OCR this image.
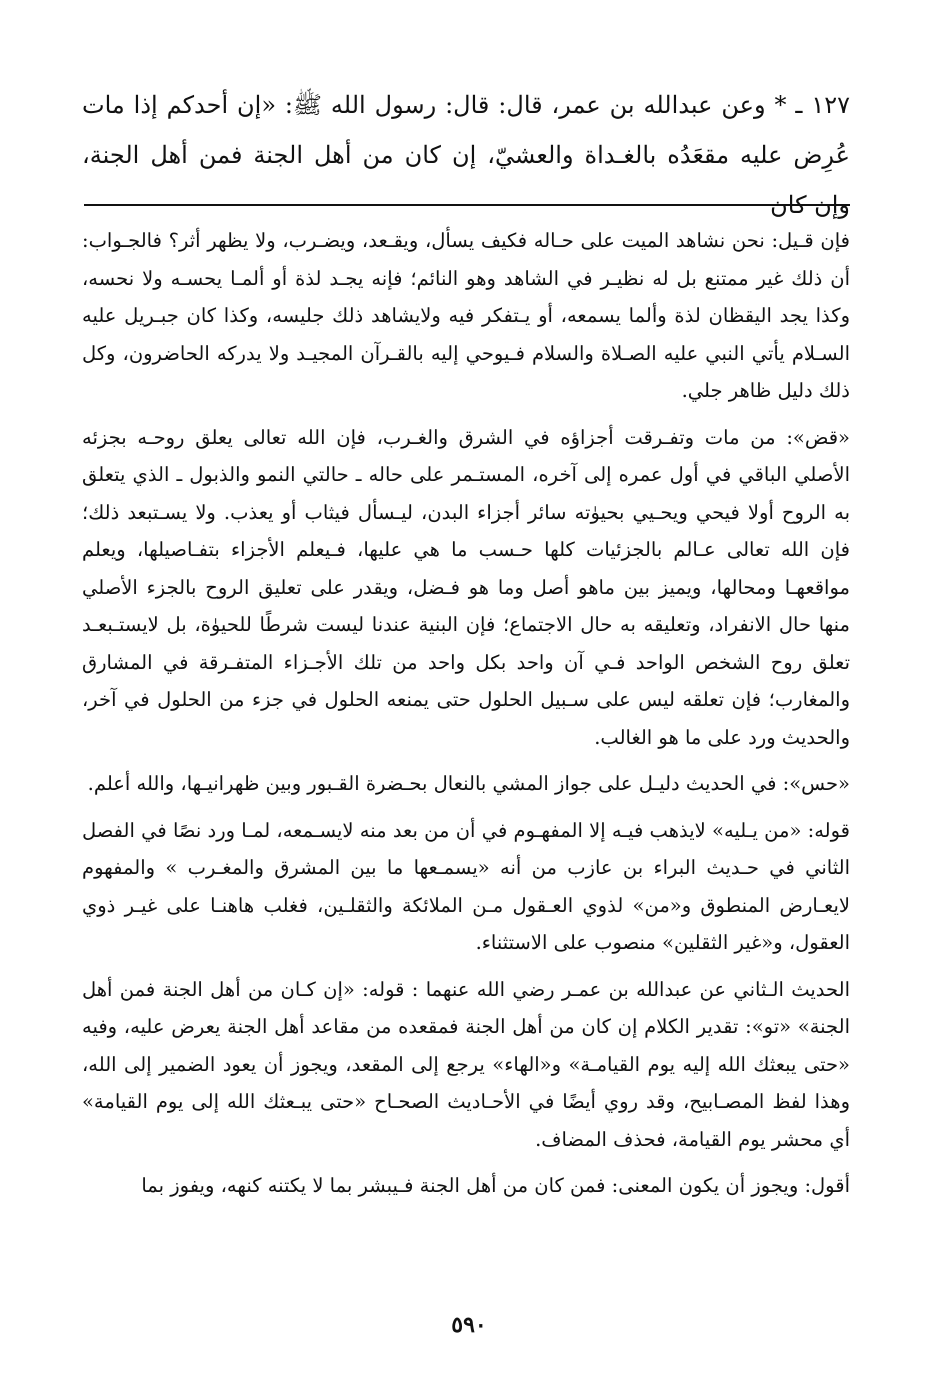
١٢٧ ـ * وعن عبدالله بن عمر، قال: قال: رسول الله ﷺ: «إن أحدكم إذا مات عُرِض عليه مقعَدُه بالغـداة والعشيّ، إن كان من أهل الجنة فمن أهل الجنة، وإن كان

فإن قـيل: نحن نشاهد الميت على حـاله فكيف يسأل، ويقـعد، ويضـرب، ولا يظهر أثر؟ فالجـواب: أن ذلك غير ممتنع بل له نظيـر في الشاهد وهو النائم؛ فإنه يجـد لذة أو ألمـا يحسـه ولا نحسه، وكذا يجد اليقظان لذة وألما يسمعه، أو يـتفكر فيه ولايشاهد ذلك جليسه، وكذا كان جبـريل عليه السـلام يأتي النبي عليه الصـلاة والسلام فـيوحي إليه بالقـرآن المجيـد ولا يدركه الحاضرون، وكل ذلك دليل ظاهر جلي.

«قض»: من مات وتفـرقت أجزاؤه في الشرق والغـرب، فإن الله تعالى يعلق روحـه بجزئه الأصلي الباقي في أول عمره إلى آخره، المستـمر على حاله ـ حالتي النمو والذبول ـ الذي يتعلق به الروح أولا فيحي ويحـيي بحيوٰته سائر أجزاء البدن، ليـسأل فيثاب أو يعذب. ولا يسـتبعد ذلك؛ فإن الله تعالى عـالم بالجزئيات كلها حـسب ما هي عليها، فـيعلم الأجزاء بتفـاصيلها، ويعلم مواقعهـا ومحالها، ويميز بين ماهو أصل وما هو فـضل، ويقدر على تعليق الروح بالجزء الأصلي منها حال الانفراد، وتعليقه به حال الاجتماع؛ فإن البنية عندنا ليست شرطًا للحيوٰة، بل لايستـبعـد تعلق روح الشخص الواحد فـي آن واحد بكل واحد من تلك الأجـزاء المتفـرقة في المشارق والمغارب؛ فإن تعلقه ليس على سـبيل الحلول حتى يمنعه الحلول في جزء من الحلول في آخر، والحديث ورد على ما هو الغالب.

«حس»: في الحديث دليـل على جواز المشي بالنعال بحـضرة القـبور وبين ظهرانيـها، والله أعلم.

قوله: «من يـليه» لايذهب فيـه إلا المفهـوم في أن من بعد منه لايسـمعه، لمـا ورد نصًا في الفصل الثاني في حـديث البراء بن عازب من أنه «يسمـعها ما بين المشرق والمغـرب » والمفهوم لايعـارض المنطوق و«من» لذوي العـقول مـن الملائكة والثقلـين، فغلب هاهنـا على غيـر ذوي العقول، و«غير الثقلين» منصوب على الاستثناء.

الحديث الـثاني عن عبدالله بن عمـر رضي الله عنهما : قوله: «إن كـان من أهل الجنة فمن أهل الجنة» «تو»: تقدير الكلام إن كان من أهل الجنة فمقعده من مقاعد أهل الجنة يعرض عليه، وفيه «حتى يبعثك الله إليه يوم القيامـة» و«الهاء» يرجع إلى المقعد، ويجوز أن يعود الضمير إلى الله، وهذا لفظ المصـابيح، وقد روي أيضًا في الأحـاديث الصحـاح «حتى يبـعثك الله إلى يوم القيامة» أي محشر يوم القيامة، فحذف المضاف.

أقول: ويجوز أن يكون المعنى: فمن كان من أهل الجنة فـيبشر بما لا يكتنه كنهه، ويفوز بما

٥٩٠
